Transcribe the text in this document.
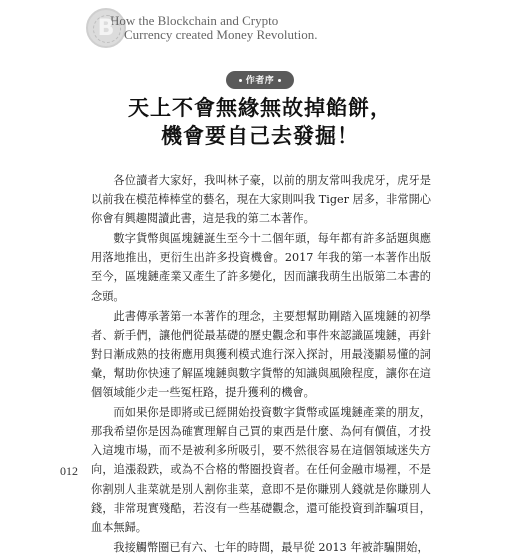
B
How the Blockchain and Crypto
Currency created Money Revolution.
作者序
天上不會無緣無故掉餡餅，
機會要自己去發掘！

各位讀者大家好，我叫林子豪，以前的朋友常叫我虎牙，虎牙是以前我在模范棒棒堂的藝名，現在大家則叫我 Tiger 居多，非常開心你會有興趣閱讀此書，這是我的第二本著作。

數字貨幣與區塊鏈誕生至今十二個年頭，每年都有許多話題與應用落地推出，更衍生出許多投資機會。2017 年我的第一本著作出版至今，區塊鏈產業又產生了許多變化，因而讓我萌生出版第二本書的念頭。

此書傳承著第一本著作的理念，主要想幫助剛踏入區塊鏈的初學者、新手們，讓他們從最基礎的歷史觀念和事件來認識區塊鏈，再針對日漸成熟的技術應用與獲利模式進行深入探討，用最淺顯易懂的詞彙，幫助你快速了解區塊鏈與數字貨幣的知識與風險程度，讓你在這個領域能少走一些冤枉路，提升獲利的機會。

而如果你是即將或已經開始投資數字貨幣或區塊鏈產業的朋友，那我希望你是因為確實理解自己買的東西是什麼、為何有價值，才投入這塊市場，而不是被利多所吸引，要不然很容易在這個領域迷失方向，追漲殺跌，或為不合格的幣圈投資者。在任何金融市場裡，不是你割別人韭菜就是別人割你韭菜，意即不是你賺別人錢就是你賺別人錢，非常現實殘酷，若沒有一些基礎觀念，還可能投資到詐騙項目，血本無歸。

我接觸幣圈已有六、七年的時間，最早從 2013 年被詐騙開始，

012
